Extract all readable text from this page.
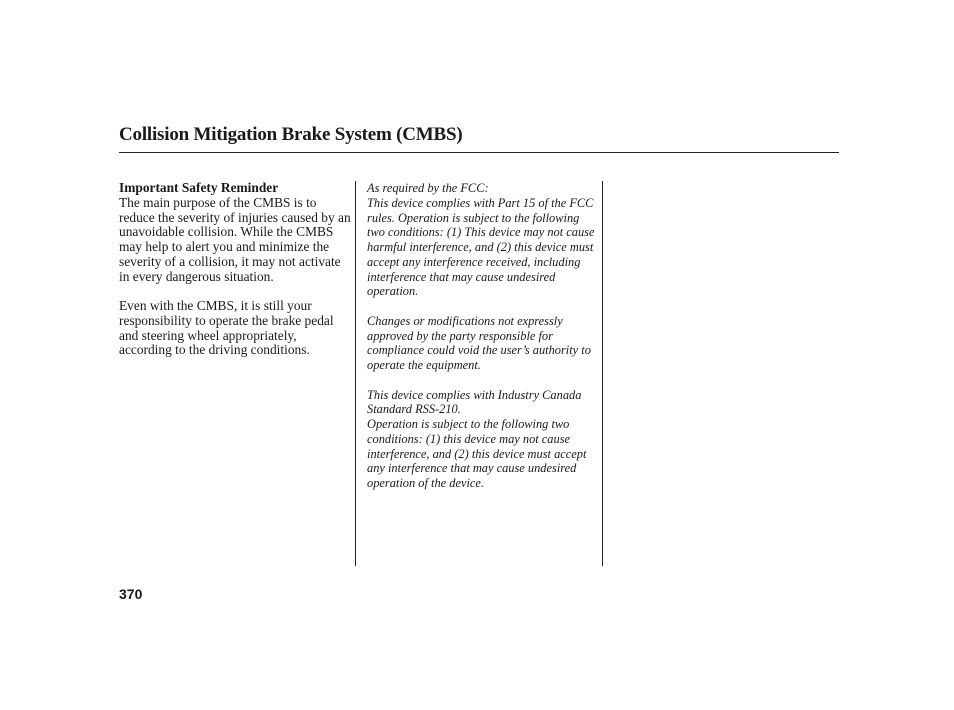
Collision Mitigation Brake System (CMBS)

Important Safety Reminder

The main purpose of the CMBS is to reduce the severity of injuries caused by an unavoidable collision. While the CMBS may help to alert you and minimize the severity of a collision, it may not activate in every dangerous situation.

Even with the CMBS, it is still your responsibility to operate the brake pedal and steering wheel appropriately, according to the driving conditions.

As required by the FCC:

This device complies with Part 15 of the FCC rules. Operation is subject to the following two conditions: (1) This device may not cause harmful interference, and (2) this device must accept any interference received, including interference that may cause undesired operation.

Changes or modifications not expressly approved by the party responsible for compliance could void the user’s authority to operate the equipment.

This device complies with Industry Canada Standard RSS-210.

Operation is subject to the following two conditions: (1) this device may not cause interference, and (2) this device must accept any interference that may cause undesired operation of the device.

370
